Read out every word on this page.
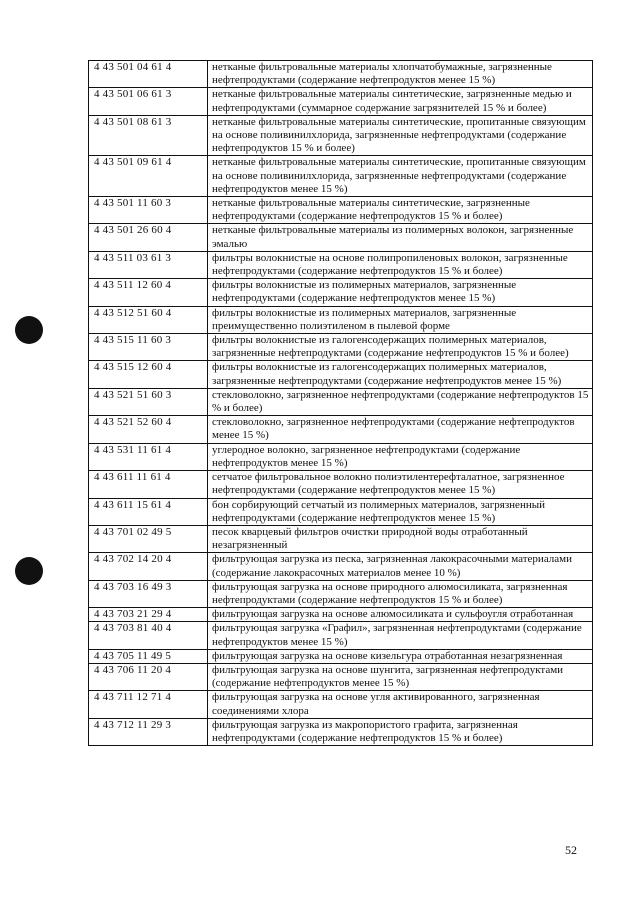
4 43 501 04 61 4	нетканые фильтровальные материалы хлопчатобумажные, загрязненные нефтепродуктами (содержание нефтепродуктов менее 15 %)
4 43 501 06 61 3	нетканые фильтровальные материалы синтетические, загрязненные медью и нефтепродуктами (суммарное содержание загрязнителей 15 % и более)
4 43 501 08 61 3	нетканые фильтровальные материалы синтетические, пропитанные связующим на основе поливинилхлорида, загрязненные нефтепродуктами (содержание нефтепродуктов 15 % и более)
4 43 501 09 61 4	нетканые фильтровальные материалы синтетические, пропитанные связующим на основе поливинилхлорида, загрязненные нефтепродуктами (содержание нефтепродуктов менее 15 %)
4 43 501 11 60 3	нетканые фильтровальные материалы синтетические, загрязненные нефтепродуктами (содержание нефтепродуктов 15 % и более)
4 43 501 26 60 4	нетканые фильтровальные материалы из полимерных волокон, загрязненные эмалью
4 43 511 03 61 3	фильтры волокнистые на основе полипропиленовых волокон, загрязненные нефтепродуктами (содержание нефтепродуктов 15 % и более)
4 43 511 12 60 4	фильтры волокнистые из полимерных материалов, загрязненные нефтепродуктами (содержание нефтепродуктов менее 15 %)
4 43 512 51 60 4	фильтры волокнистые из полимерных материалов, загрязненные преимущественно полиэтиленом в пылевой форме
4 43 515 11 60 3	фильтры волокнистые из галогенсодержащих полимерных материалов, загрязненные нефтепродуктами (содержание нефтепродуктов 15 % и более)
4 43 515 12 60 4	фильтры волокнистые из галогенсодержащих полимерных материалов, загрязненные нефтепродуктами (содержание нефтепродуктов менее 15 %)
4 43 521 51 60 3	стекловолокно, загрязненное нефтепродуктами (содержание нефтепродуктов 15 % и более)
4 43 521 52 60 4	стекловолокно, загрязненное нефтепродуктами (содержание нефтепродуктов менее 15 %)
4 43 531 11 61 4	углеродное волокно, загрязненное нефтепродуктами (содержание нефтепродуктов менее 15 %)
4 43 611 11 61 4	сетчатое фильтровальное волокно полиэтилентерефталатное, загрязненное нефтепродуктами (содержание нефтепродуктов менее 15 %)
4 43 611 15 61 4	бон сорбирующий сетчатый из полимерных материалов, загрязненный нефтепродуктами (содержание нефтепродуктов менее 15 %)
4 43 701 02 49 5	песок кварцевый фильтров очистки природной воды отработанный незагрязненный
4 43 702 14 20 4	фильтрующая загрузка из песка, загрязненная лакокрасочными материалами (содержание лакокрасочных материалов менее 10 %)
4 43 703 16 49 3	фильтрующая загрузка на основе природного алюмосиликата, загрязненная нефтепродуктами (содержание нефтепродуктов 15 % и более)
4 43 703 21 29 4	фильтрующая загрузка на основе алюмосиликата и сульфоугля отработанная
4 43 703 81 40 4	фильтрующая загрузка «Графил», загрязненная нефтепродуктами (содержание нефтепродуктов менее 15 %)
4 43 705 11 49 5	фильтрующая загрузка на основе кизельгура отработанная незагрязненная
4 43 706 11 20 4	фильтрующая загрузка на основе шунгита, загрязненная нефтепродуктами (содержание нефтепродуктов менее 15 %)
4 43 711 12 71 4	фильтрующая загрузка на основе угля активированного, загрязненная соединениями хлора
4 43 712 11 29 3	фильтрующая загрузка из макропористого графита, загрязненная нефтепродуктами (содержание нефтепродуктов 15 % и более)
52
